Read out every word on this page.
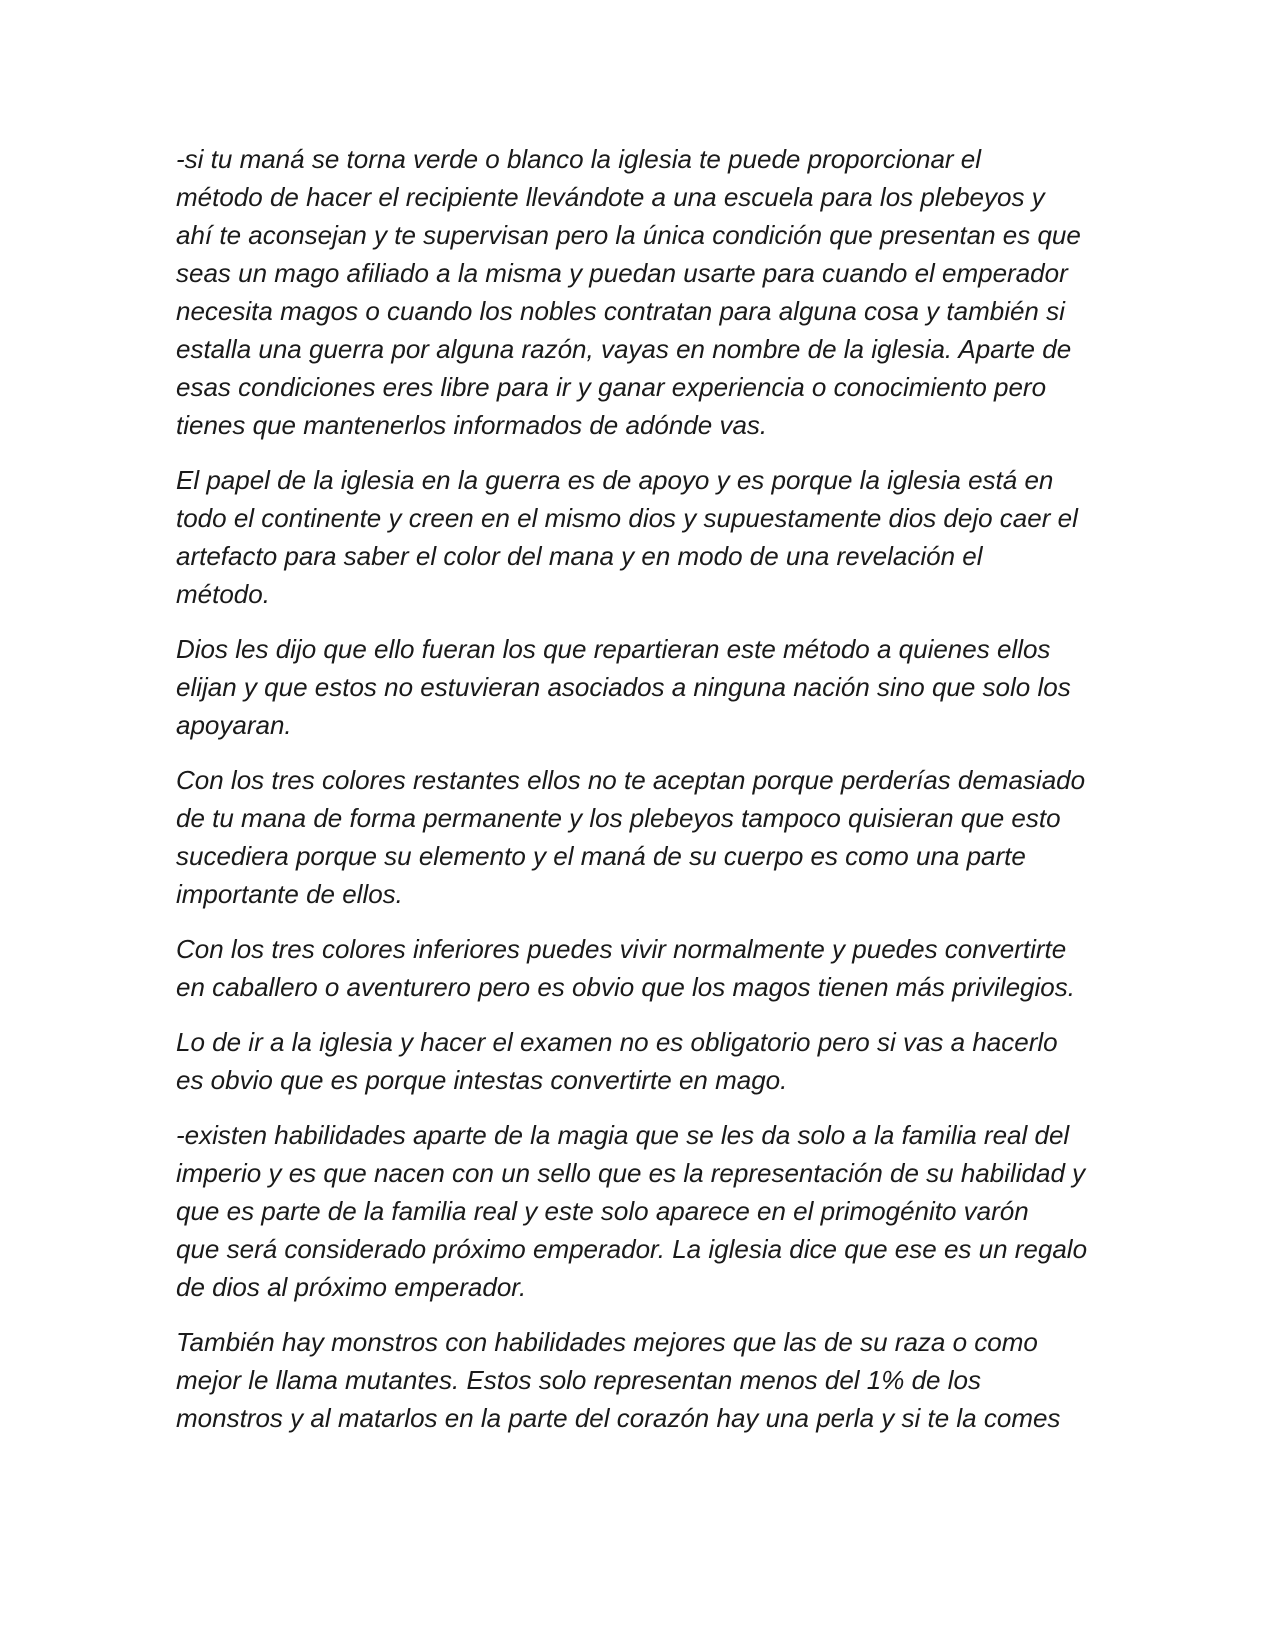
-si tu maná se torna verde o blanco la iglesia te puede proporcionar el
método de hacer el recipiente llevándote a una escuela para los plebeyos y
ahí te aconsejan y te supervisan pero la única condición que presentan es que
seas un mago afiliado a la misma y puedan usarte para cuando el emperador
necesita magos o cuando los nobles contratan para alguna cosa y también si
estalla una guerra por alguna razón, vayas en nombre de la iglesia. Aparte de
esas condiciones eres libre para ir y ganar experiencia o conocimiento pero
tienes que mantenerlos informados de adónde vas.

El papel de la iglesia en la guerra es de apoyo y es porque la iglesia está en
todo el continente y creen en el mismo dios y supuestamente dios dejo caer el
artefacto para saber el color del mana y en modo de una revelación el
método.

Dios les dijo que ello fueran los que repartieran este método a quienes ellos
elijan y que estos no estuvieran asociados a ninguna nación sino que solo los
apoyaran.

Con los tres colores restantes ellos no te aceptan porque perderías demasiado
de tu mana de forma permanente y los plebeyos tampoco quisieran que esto
sucediera porque su elemento y el maná de su cuerpo es como una parte
importante de ellos.

Con los tres colores inferiores puedes vivir normalmente y puedes convertirte
en caballero o aventurero pero es obvio que los magos tienen más privilegios.

Lo de ir a la iglesia y hacer el examen no es obligatorio pero si vas a hacerlo
es obvio que es porque intestas convertirte en mago.

-existen habilidades aparte de la magia que se les da solo a la familia real del
imperio y es que nacen con un sello que es la representación de su habilidad y
que es parte de la familia real y este solo aparece en el primogénito varón
que será considerado próximo emperador. La iglesia dice que ese es un regalo
de dios al próximo emperador.

También hay monstros con habilidades mejores que las de su raza o como
mejor le llama mutantes. Estos solo representan menos del 1% de los
monstros y al matarlos en la parte del corazón hay una perla y si te la comes
